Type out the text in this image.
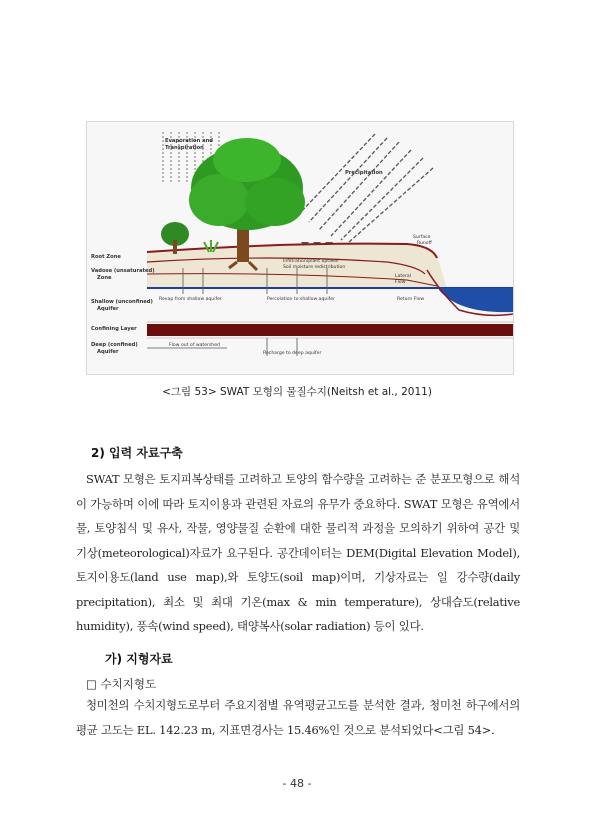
Root Zone
Vadose (unsaturated)
Zone
Shallow (unconfined)
Aquifer
Confining Layer
Deep (confined)
Aquifer
Evaporation and
Transpiration
Precipitation
Infiltration/plant uptake/
Soil moisture redistribution
Surface
Runoff
Lateral
Flow
Revap from shallow aquifer	Percolation to shallow aquifer	Return Flow
Flow out of watershed
Recharge to deep aquifer
<그림 53> SWAT 모형의 물질수지(Neitsh et al., 2011)
2) 입력 자료구축

SWAT 모형은 토지피복상태를 고려하고 토양의 함수량을 고려하는 준 분포모형으로 해석이 가능하며 이에 따라 토지이용과 관련된 자료의 유무가 중요하다. SWAT 모형은 유역에서 물, 토양침식 및 유사, 작물, 영양물질 순환에 대한 물리적 과정을 모의하기 위하여 공간 및 기상(meteorological)자료가 요구된다. 공간데이터는 DEM(Digital Elevation Model), 토지이용도(land use map),와 토양도(soil map)이며, 기상자료는 일 강수량(daily precipitation), 최소 및 최대 기온(max & min temperature), 상대습도(relative humidity), 풍속(wind speed), 태양복사(solar radiation) 등이 있다.

가) 지형자료
□ 수치지형도

청미천의 수치지형도로부터 주요지점별 유역평균고도를 분석한 결과, 청미천 하구에서의 평균 고도는 EL. 142.23 m, 지표면경사는 15.46%인 것으로 분석되었다<그림 54>.

- 48 -
